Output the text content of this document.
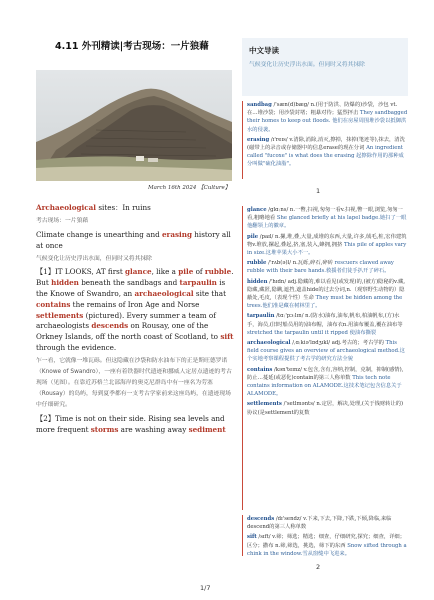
4.11 外刊精读|考古现场：一片狼藉
March 16th 2024 【Culture】

Archaeological sites：In ruins

考古现场：一片狼藉

Climate change is unearthing and erasing history all at once

气候变化让历史浮出水面，但同时又将其抹除

【1】IT LOOKS, AT first glance, like a pile of rubble. But hidden beneath the sandbags and tarpaulin is the Knowe of Swandro, an archaeological site that contains the remains of Iron Age and Norse settlements (pictured). Every summer a team of archaeologists descends on Rousay, one of the Orkney Islands, off the north coast of Scotland, to sift through the evidence.

乍一看，它就像一堆瓦砾。但这隐藏在沙袋和防水油布下的正是斯旺德罗诺（Knowe of Swandro），一座有着铁器时代遗迹和挪威人定居点遗迹的考古现场（见图）。在靠近苏格兰北部海岸的奥克尼群岛中有一座名为劳塞（Rousay）的岛屿，每到夏季都有一支考古学家前来这座岛屿，在遗迹现场中仔细研究。

【2】Time is not on their side. Rising sea levels and more frequent storms are washing away sediment

中文导读
气候变化让历史浮出水面。但同时又将其抹除
sandbag /'sæn(d)bæg/ n.(用于防洪、防爆的)沙袋，沙包 vt. 在…堆沙袋；用沙袋封堵；粗暴对待；猛烈抨击 They sandbagged their homes to keep out floods. 他们在房屋周围堆沙袋以抵御洪水的侵袭。
erasing /ɪ'reɪs/ v.清除,消除,消灭,擦掉，抹掉(笔迹等),抹去，清洗(磁带上的录音或存储器中的信息erase的现在分词 An ingredient called "fucoxe" is what does the erasing 起擦除作用的那种成分叫做"硫化油脂"。
1
glance /glɑːns/ n.一瞥,扫视,匆匆一看v.扫视,瞥一眼,浏览,匆匆一看,粗略地看 She glanced briefly at his lapel badge.她扫了一眼他翻领上的徽章。
pile /paɪl/ n.摞,堆,叠,大量,成堆的东西,大量,许多,绒毛,桩,宏伟建筑物v.堆放,摞起,叠起,挤,塞,装入,蜂拥,拥挤 This pile of apples vary in size.这堆苹果大小不一。
rubble /'rʌb(ə)l/ n.瓦砾,碎石,碎砖 rescuers clawed away rubble with their bare hands.救援者们徒手扒开了碎石。
hidden /'hɪdn/ adj.隐藏的,难以看见(或发现)的,(被方)隐秘的v.藏,隐藏,藏匿,隐瞒,遮挡,遮盖hide的过去分词,n.（观察野生动物的）隐蔽处,毛皮,（表现个性）生命 They must be hidden among the trees.他们准是藏在树林里了。
tarpaulin /tɑː'pɔːlɪn/ n.(防水)油布,油布,帆布,柏油帆布,(方)水手，海员,(旧时船员用的)油布帽，油布衣n.用油布覆盖,覆在油布等 stretched the tarpaulin until it ripped 使油布撕裂
archaeological /ˌɑːkiə'lɒdʒɪkl/ adj.考古的；考古学的 This field course gives an overview of archaeological method.这个实地考察课程提供了考古学的研究方法全貌
contains /kən'teɪnz/ v.包含,含有,容纳,控制，克制，抑制(感情),防止…蔓延(或恶化)contain的第三人称单数 This tech note contains information on ALAMODE.这技术笔记包含信息关于ALAMODE。
settlements /'setlmənts/ n.定居，解决,处理,(关于钱财转让的)协议(是settlement的复数
descends /dɪ'sendz/ v.下来,下去,下降,下跌,下倾,降临,来临descend的第三人称单数
sift /sɪft/ v.筛；筛选；精选；细查，仔细研究,探究；细查，详细；区分；撒布 n.筛,筛选，挑选，筛下的东西 Snow sifted through a chink in the window.雪从窗缝中飞进来。
2
1/7
